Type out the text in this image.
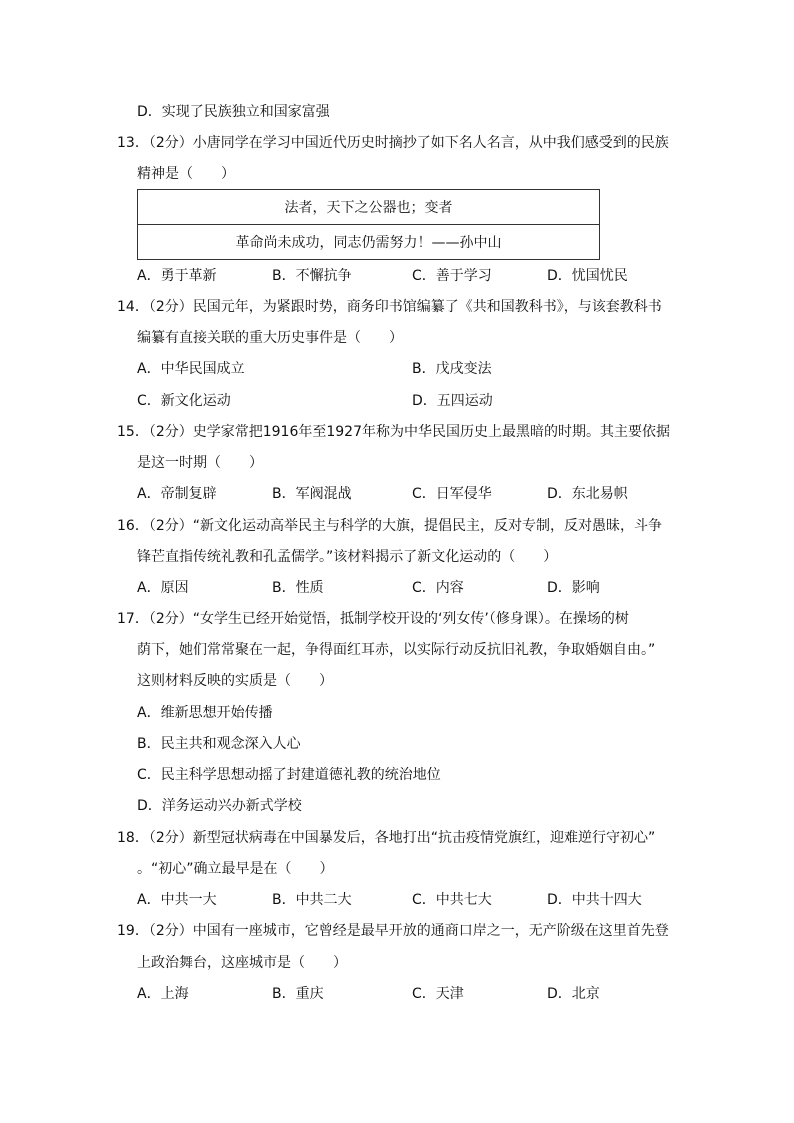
D．实现了民族独立和国家富强
13．（2分）小唐同学在学习中国近代历史时摘抄了如下名人名言，从中我们感受到的民族
精神是（　　）
法者，天下之公器也；变者
革命尚未成功，同志仍需努力！——孙中山
A．勇于革新	B．不懈抗争	C．善于学习	D．忧国忧民
14．（2分）民国元年，为紧跟时势，商务印书馆编纂了《共和国教科书》，与该套教科书
编纂有直接关联的重大历史事件是（　　）
A．中华民国成立	B．戊戌变法
C．新文化运动	D．五四运动
15．（2分）史学家常把1916年至1927年称为中华民国历史上最黑暗的时期。其主要依据
是这一时期（　　）
A．帝制复辟	B．军阀混战	C．日军侵华	D．东北易帜
16．（2分）“新文化运动高举民主与科学的大旗，提倡民主，反对专制，反对愚昧，斗争
锋芒直指传统礼教和孔孟儒学。”该材料揭示了新文化运动的（　　）
A．原因	B．性质	C．内容	D．影响
17．（2分）“女学生已经开始觉悟，抵制学校开设的‘列女传’（修身课）。在操场的树
荫下，她们常常聚在一起，争得面红耳赤，以实际行动反抗旧礼教，争取婚姻自由。”
这则材料反映的实质是（　　）
A．维新思想开始传播
B．民主共和观念深入人心
C．民主科学思想动摇了封建道德礼教的统治地位
D．洋务运动兴办新式学校
18．（2分）新型冠状病毒在中国暴发后，各地打出“抗击疫情党旗红，迎难逆行守初心”
。“初心”确立最早是在（　　）
A．中共一大	B．中共二大	C．中共七大	D．中共十四大
19．（2分）中国有一座城市，它曾经是最早开放的通商口岸之一，无产阶级在这里首先登
上政治舞台，这座城市是（　　）
A．上海	B．重庆	C．天津	D．北京
